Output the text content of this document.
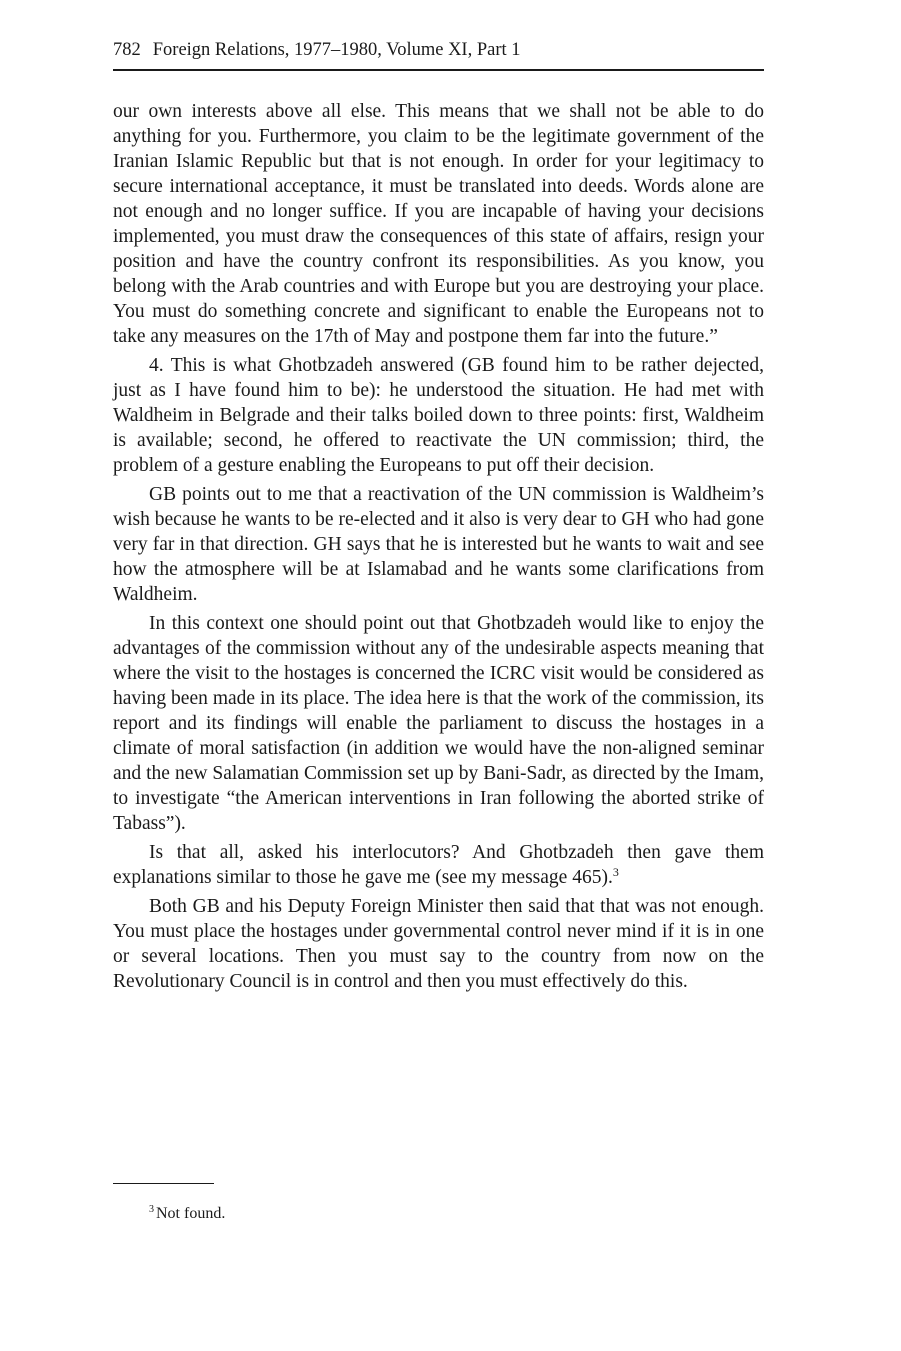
782 Foreign Relations, 1977–1980, Volume XI, Part 1

our own interests above all else. This means that we shall not be able to do anything for you. Furthermore, you claim to be the legitimate government of the Iranian Islamic Republic but that is not enough. In order for your legitimacy to secure international acceptance, it must be translated into deeds. Words alone are not enough and no longer suffice. If you are incapable of having your decisions implemented, you must draw the consequences of this state of affairs, resign your position and have the country confront its responsibilities. As you know, you belong with the Arab countries and with Europe but you are destroying your place. You must do something concrete and significant to enable the Europeans not to take any measures on the 17th of May and postpone them far into the future.”

4. This is what Ghotbzadeh answered (GB found him to be rather dejected, just as I have found him to be): he understood the situation. He had met with Waldheim in Belgrade and their talks boiled down to three points: first, Waldheim is available; second, he offered to reactivate the UN commission; third, the problem of a gesture enabling the Europeans to put off their decision.

GB points out to me that a reactivation of the UN commission is Waldheim’s wish because he wants to be re-elected and it also is very dear to GH who had gone very far in that direction. GH says that he is interested but he wants to wait and see how the atmosphere will be at Islamabad and he wants some clarifications from Waldheim.

In this context one should point out that Ghotbzadeh would like to enjoy the advantages of the commission without any of the undesirable aspects meaning that where the visit to the hostages is concerned the ICRC visit would be considered as having been made in its place. The idea here is that the work of the commission, its report and its findings will enable the parliament to discuss the hostages in a climate of moral satisfaction (in addition we would have the non-aligned seminar and the new Salamatian Commission set up by Bani-Sadr, as directed by the Imam, to investigate “the American interventions in Iran following the aborted strike of Tabass”).

Is that all, asked his interlocutors? And Ghotbzadeh then gave them explanations similar to those he gave me (see my message 465).$^3$

Both GB and his Deputy Foreign Minister then said that that was not enough. You must place the hostages under governmental control never mind if it is in one or several locations. Then you must say to the country from now on the Revolutionary Council is in control and then you must effectively do this.

$^3$ Not found.
